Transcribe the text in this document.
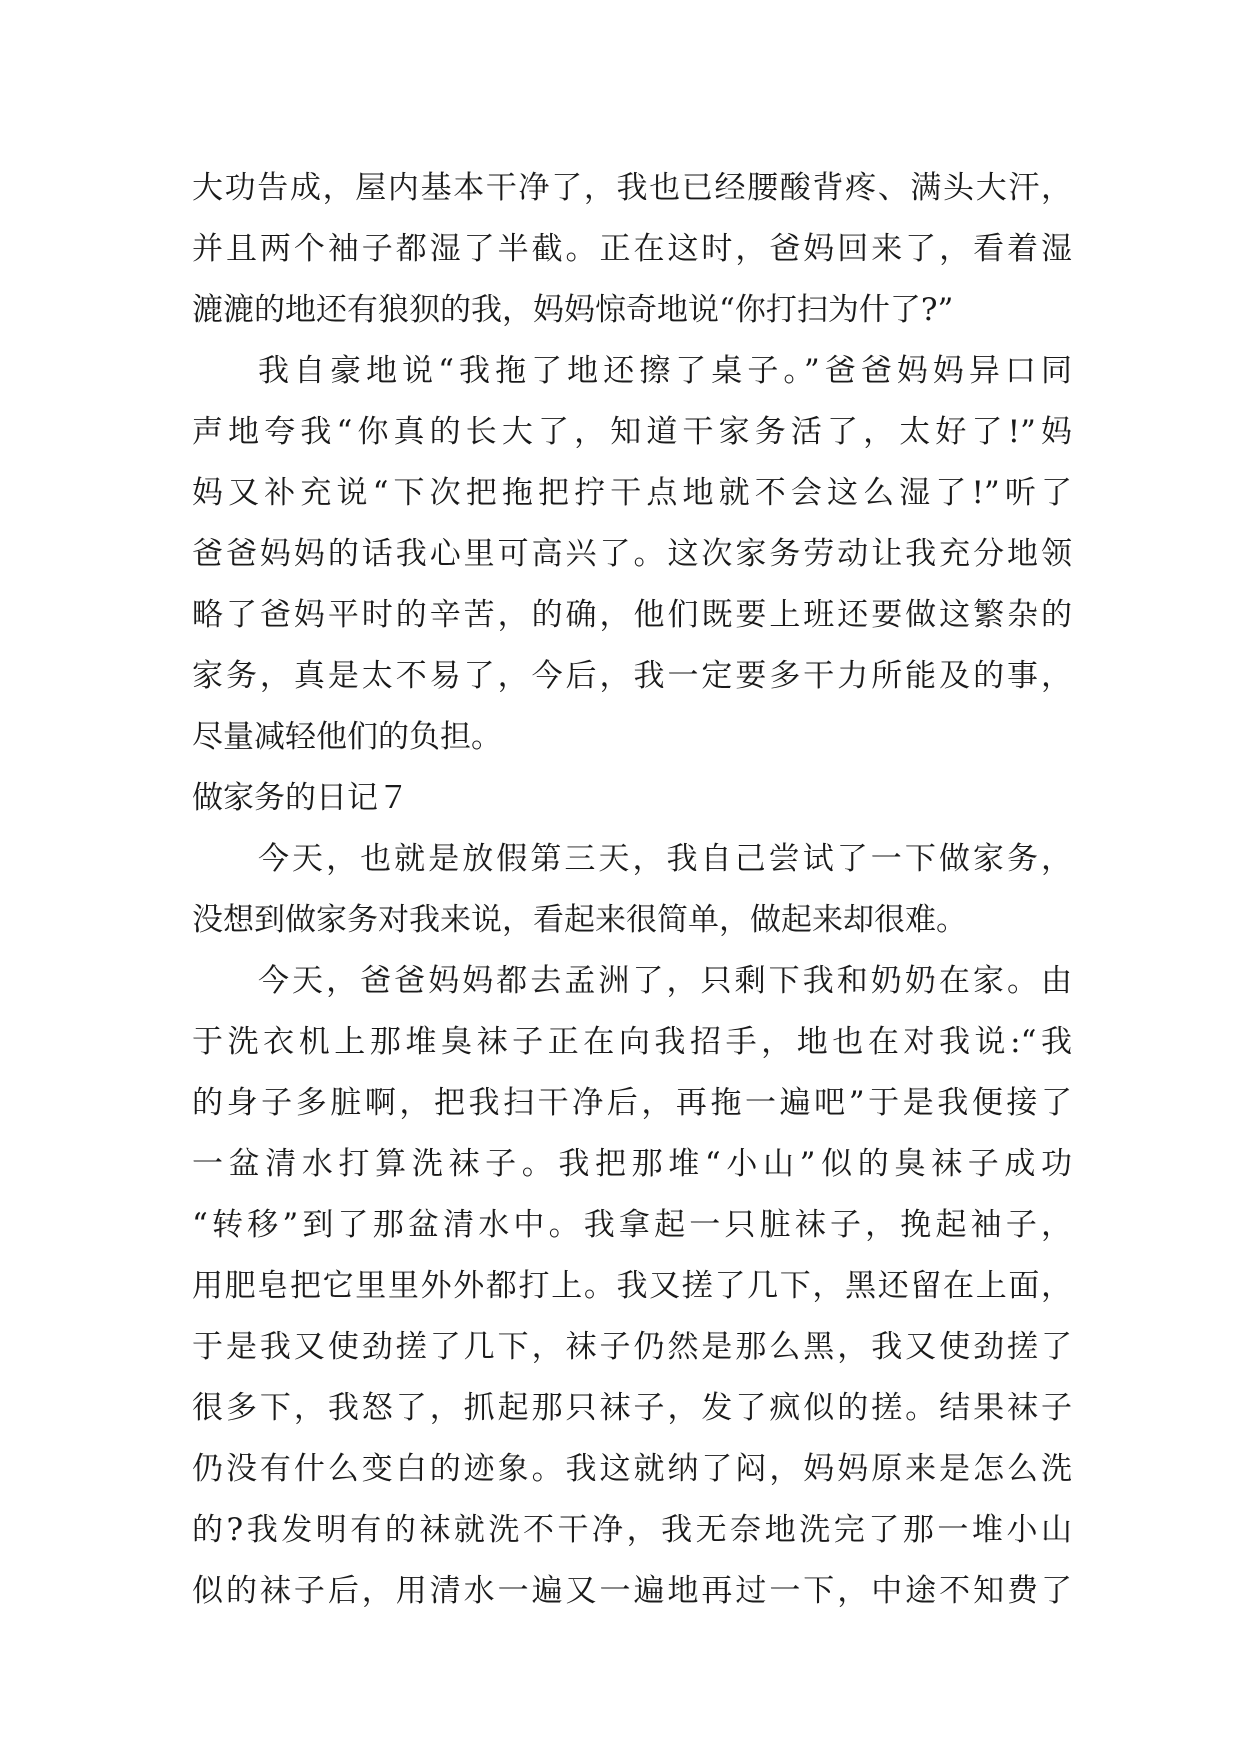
大功告成，屋内基本干净了，我也已经腰酸背疼、满头大汗，
并且两个袖子都湿了半截。正在这时，爸妈回来了，看着湿
漉漉的地还有狼狈的我，妈妈惊奇地说“你打扫为什了?”
我自豪地说“我拖了地还擦了桌子。”爸爸妈妈异口同
声地夸我“你真的长大了，知道干家务活了，太好了!”妈
妈又补充说“下次把拖把拧干点地就不会这么湿了!”听了
爸爸妈妈的话我心里可高兴了。这次家务劳动让我充分地领
略了爸妈平时的辛苦，的确，他们既要上班还要做这繁杂的
家务，真是太不易了，今后，我一定要多干力所能及的事，
尽量减轻他们的负担。
做家务的日记７
今天，也就是放假第三天，我自己尝试了一下做家务，
没想到做家务对我来说，看起来很简单，做起来却很难。
今天，爸爸妈妈都去孟洲了，只剩下我和奶奶在家。由
于洗衣机上那堆臭袜子正在向我招手，地也在对我说:“我
的身子多脏啊，把我扫干净后，再拖一遍吧”于是我便接了
一盆清水打算洗袜子。我把那堆“小山”似的臭袜子成功
“转移”到了那盆清水中。我拿起一只脏袜子，挽起袖子，
用肥皂把它里里外外都打上。我又搓了几下，黑还留在上面，
于是我又使劲搓了几下，袜子仍然是那么黑，我又使劲搓了
很多下，我怒了，抓起那只袜子，发了疯似的搓。结果袜子
仍没有什么变白的迹象。我这就纳了闷，妈妈原来是怎么洗
的?我发明有的袜就洗不干净，我无奈地洗完了那一堆小山
似的袜子后，用清水一遍又一遍地再过一下，中途不知费了
